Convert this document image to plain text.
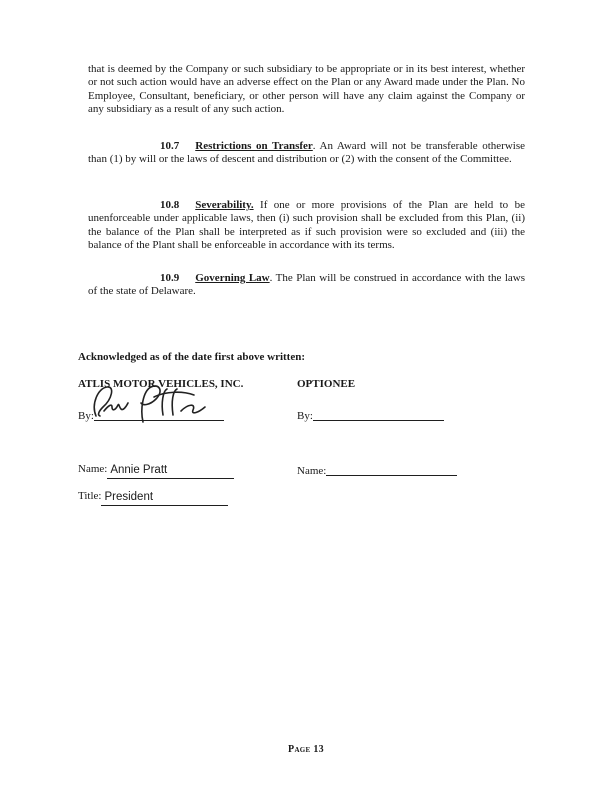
that is deemed by the Company or such subsidiary to be appropriate or in its best interest, whether or not such action would have an adverse effect on the Plan or any Award made under the Plan. No Employee, Consultant, beneficiary, or other person will have any claim against the Company or any subsidiary as a result of any such action.
10.7 Restrictions on Transfer. An Award will not be transferable otherwise than (1) by will or the laws of descent and distribution or (2) with the consent of the Committee.
10.8 Severability. If one or more provisions of the Plan are held to be unenforceable under applicable laws, then (i) such provision shall be excluded from this Plan, (ii) the balance of the Plan shall be interpreted as if such provision were so excluded and (iii) the balance of the Plant shall be enforceable in accordance with its terms.
10.9 Governing Law. The Plan will be construed in accordance with the laws of the state of Delaware.
Acknowledged as of the date first above written:
ATLIS MOTOR VEHICLES, INC.	OPTIONEE
By:	By:
Name: Annie Pratt	Name:
Title: President
Page 13
